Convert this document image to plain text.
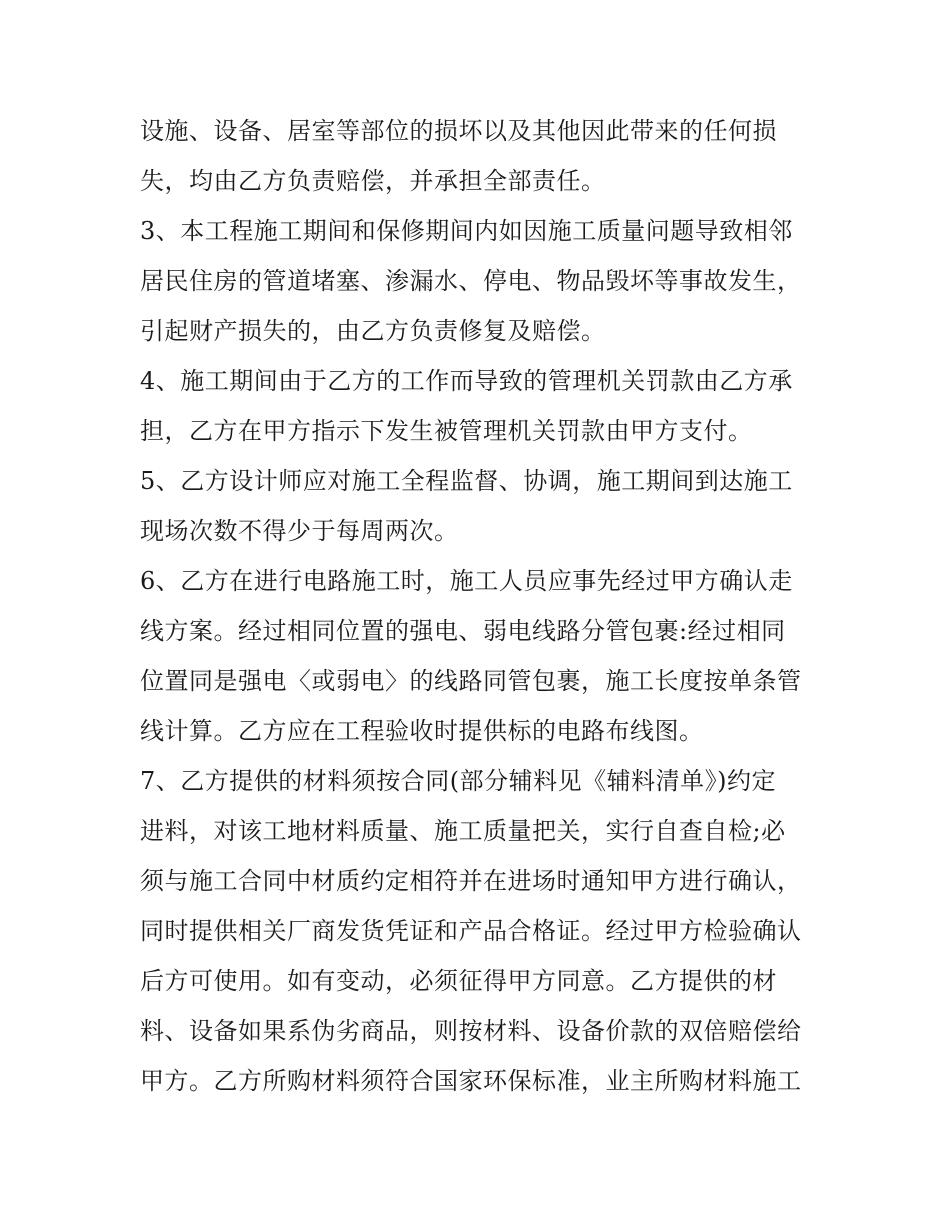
设施、设备、居室等部位的损坏以及其他因此带来的任何损
失，均由乙方负责赔偿，并承担全部责任。
3、本工程施工期间和保修期间内如因施工质量问题导致相邻
居民住房的管道堵塞、渗漏水、停电、物品毁坏等事故发生，
引起财产损失的，由乙方负责修复及赔偿。
4、施工期间由于乙方的工作而导致的管理机关罚款由乙方承
担，乙方在甲方指示下发生被管理机关罚款由甲方支付。
5、乙方设计师应对施工全程监督、协调，施工期间到达施工
现场次数不得少于每周两次。
6、乙方在进行电路施工时，施工人员应事先经过甲方确认走
线方案。经过相同位置的强电、弱电线路分管包裹:经过相同
位置同是强电〈或弱电〉的线路同管包裹，施工长度按单条管
线计算。乙方应在工程验收时提供标的电路布线图。
7、乙方提供的材料须按合同(部分辅料见《辅料清单》)约定
进料，对该工地材料质量、施工质量把关，实行自查自检;必
须与施工合同中材质约定相符并在进场时通知甲方进行确认，
同时提供相关厂商发货凭证和产品合格证。经过甲方检验确认
后方可使用。如有变动，必须征得甲方同意。乙方提供的材
料、设备如果系伪劣商品，则按材料、设备价款的双倍赔偿给
甲方。乙方所购材料须符合国家环保标准，业主所购材料施工
